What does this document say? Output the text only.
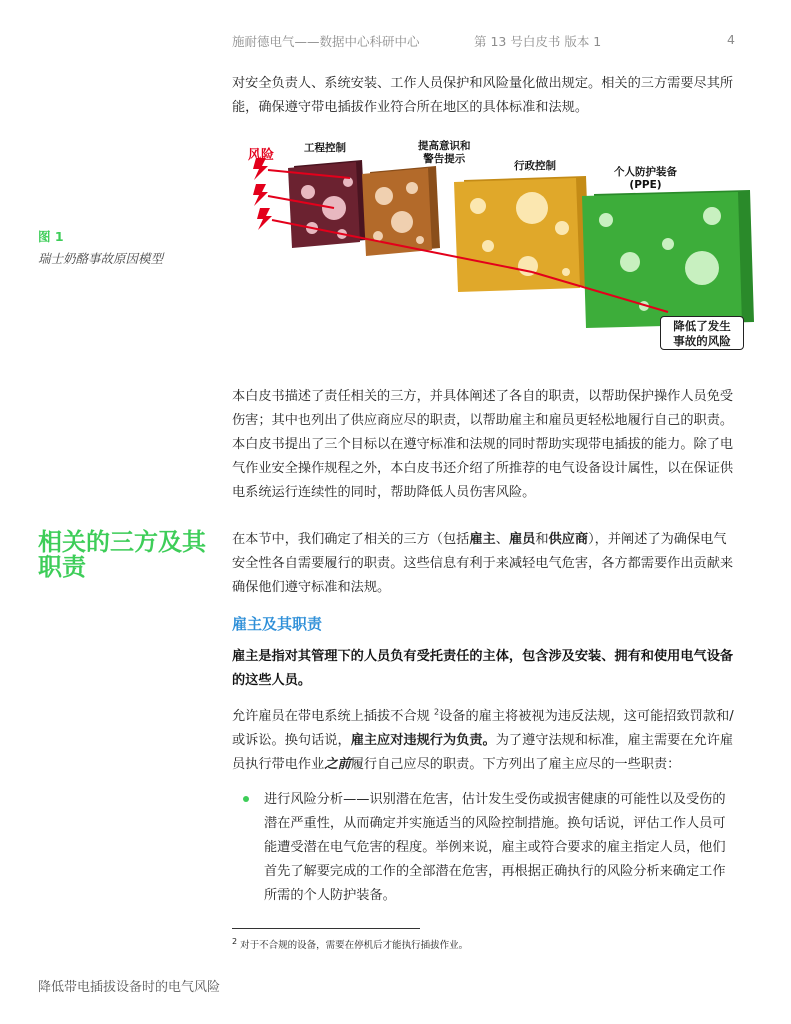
施耐德电气——数据中心科研中心	第 13 号白皮书 版本 1	4

对安全负责人、系统安装、工作人员保护和风险量化做出规定。相关的三方需要尽其所能，确保遵守带电插拔作业符合所在地区的具体标准和法规。

图 1
瑞士奶酪事故原因模型
风险	工程控制	提高意识和
警告提示
行政控制	个人防护装备
(PPE)
降低了发生
事故的风险

本白皮书描述了责任相关的三方，并具体阐述了各自的职责，以帮助保护操作人员免受伤害；其中也列出了供应商应尽的职责，以帮助雇主和雇员更轻松地履行自己的职责。本白皮书提出了三个目标以在遵守标准和法规的同时帮助实现带电插拔的能力。除了电气作业安全操作规程之外，本白皮书还介绍了所推荐的电气设备设计属性，以在保证供电系统运行连续性的同时，帮助降低人员伤害风险。

相关的三方及其职责

在本节中，我们确定了相关的三方（包括雇主、雇员和供应商），并阐述了为确保电气安全性各自需要履行的职责。这些信息有利于来减轻电气危害，各方都需要作出贡献来确保他们遵守标准和法规。

雇主及其职责

雇主是指对其管理下的人员负有受托责任的主体，包含涉及安装、拥有和使用电气设备的这些人员。

允许雇员在带电系统上插拔不合规 $^2$设备的雇主将被视为违反法规，这可能招致罚款和/或诉讼。换句话说，雇主应对违规行为负责。为了遵守法规和标准，雇主需要在允许雇员执行带电作业之前履行自己应尽的职责。下方列出了雇主应尽的一些职责：

进行风险分析——识别潜在危害，估计发生受伤或损害健康的可能性以及受伤的潜在严重性，从而确定并实施适当的风险控制措施。换句话说，评估工作人员可能遭受潜在电气危害的程度。举例来说，雇主或符合要求的雇主指定人员，他们首先了解要完成的工作的全部潜在危害，再根据正确执行的风险分析来确定工作所需的个人防护装备。

$^2$ 对于不合规的设备，需要在停机后才能执行插拔作业。

降低带电插拔设备时的电气风险
